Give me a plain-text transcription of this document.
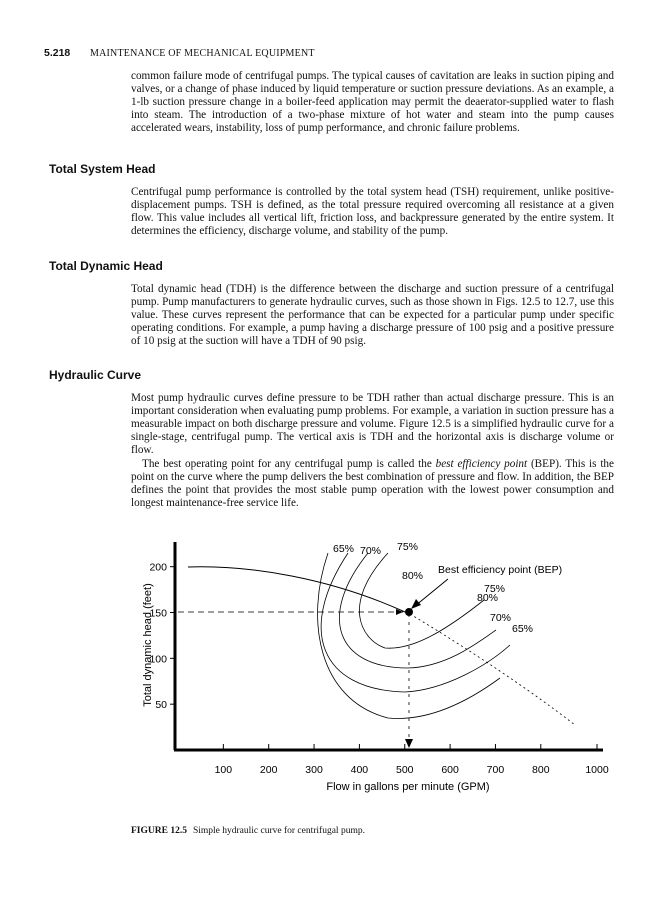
5.218 MAINTENANCE OF MECHANICAL EQUIPMENT

common failure mode of centrifugal pumps. The typical causes of cavitation are leaks in suction piping and valves, or a change of phase induced by liquid temperature or suction pressure deviations. As an example, a 1-lb suction pressure change in a boiler-feed application may permit the deaerator-supplied water to flash into steam. The introduction of a two-phase mixture of hot water and steam into the pump causes accelerated wears, instability, loss of pump performance, and chronic failure problems.

Total System Head

Centrifugal pump performance is controlled by the total system head (TSH) requirement, unlike positive-displacement pumps. TSH is defined, as the total pressure required overcoming all resistance at a given flow. This value includes all vertical lift, friction loss, and backpressure generated by the entire system. It determines the efficiency, discharge volume, and stability of the pump.

Total Dynamic Head

Total dynamic head (TDH) is the difference between the discharge and suction pressure of a centrifugal pump. Pump manufacturers to generate hydraulic curves, such as those shown in Figs. 12.5 to 12.7, use this value. These curves represent the performance that can be expected for a particular pump under specific operating conditions. For example, a pump having a discharge pressure of 100 psig and a positive pressure of 10 psig at the suction will have a TDH of 90 psig.

Hydraulic Curve

Most pump hydraulic curves define pressure to be TDH rather than actual discharge pressure. This is an important consideration when evaluating pump problems. For example, a variation in suction pressure has a measurable impact on both discharge pressure and volume. Figure 12.5 is a simplified hydraulic curve for a single-stage, centrifugal pump. The vertical axis is TDH and the horizontal axis is discharge volume or flow.

The best operating point for any centrifugal pump is called the best efficiency point (BEP). This is the point on the curve where the pump delivers the best combination of pressure and flow. In addition, the BEP defines the point that provides the most stable pump operation with the lowest power consumption and longest maintenance-free service life.

100	200	300	400	500	600	700	800	1000
200
150
100
50
65% 70% 75%
80% Best efficiency point (BEP)
80%
75%
70%
65%
Total dynamic head (feet)
Flow in gallons per minute (GPM)
FIGURE 12.5 Simple hydraulic curve for centrifugal pump.
